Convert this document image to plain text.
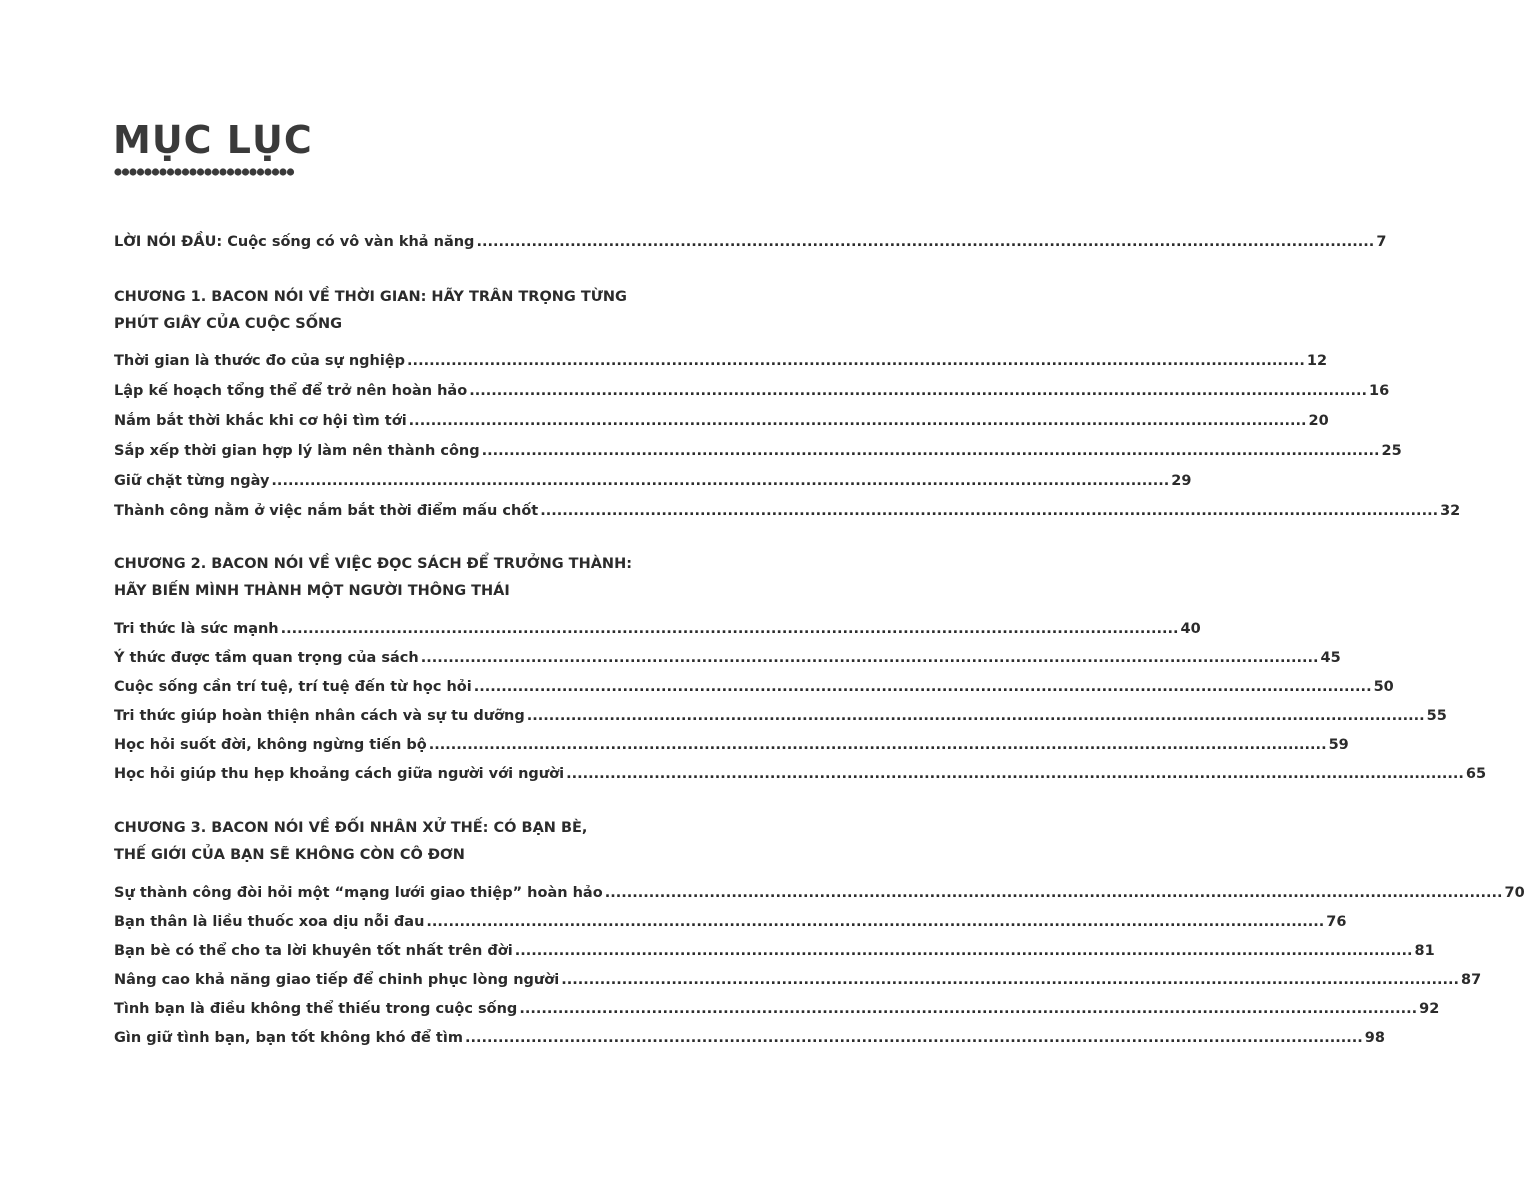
MỤC LỤC
LỜI NÓI ĐẦU: Cuộc sống có vô vàn khả năng ................................................................................................................................................................... 7
CHƯƠNG 1. BACON NÓI VỀ THỜI GIAN: HÃY TRÂN TRỌNG TỪNG
PHÚT GIÂY CỦA CUỘC SỐNG
Thời gian là thước đo của sự nghiệp ................................................................................................................................................................... 12
Lập kế hoạch tổng thể để trở nên hoàn hảo ................................................................................................................................................................... 16
Nắm bắt thời khắc khi cơ hội tìm tới ................................................................................................................................................................... 20
Sắp xếp thời gian hợp lý làm nên thành công ................................................................................................................................................................... 25
Giữ chặt từng ngày ................................................................................................................................................................... 29
Thành công nằm ở việc nắm bắt thời điểm mấu chốt ................................................................................................................................................................... 32
CHƯƠNG 2. BACON NÓI VỀ VIỆC ĐỌC SÁCH ĐỂ TRƯỞNG THÀNH:
HÃY BIẾN MÌNH THÀNH MỘT NGƯỜI THÔNG THÁI
Tri thức là sức mạnh ................................................................................................................................................................... 40
Ý thức được tầm quan trọng của sách ................................................................................................................................................................... 45
Cuộc sống cần trí tuệ, trí tuệ đến từ học hỏi ................................................................................................................................................................... 50
Tri thức giúp hoàn thiện nhân cách và sự tu dưỡng ................................................................................................................................................................... 55
Học hỏi suốt đời, không ngừng tiến bộ ................................................................................................................................................................... 59
Học hỏi giúp thu hẹp khoảng cách giữa người với người ................................................................................................................................................................... 65
CHƯƠNG 3. BACON NÓI VỀ ĐỐI NHÂN XỬ THẾ: CÓ BẠN BÈ,
THẾ GIỚI CỦA BẠN SẼ KHÔNG CÒN CÔ ĐƠN
Sự thành công đòi hỏi một “mạng lưới giao thiệp” hoàn hảo ................................................................................................................................................................... 70
Bạn thân là liều thuốc xoa dịu nỗi đau ................................................................................................................................................................... 76
Bạn bè có thể cho ta lời khuyên tốt nhất trên đời ................................................................................................................................................................... 81
Nâng cao khả năng giao tiếp để chinh phục lòng người ................................................................................................................................................................... 87
Tình bạn là điều không thể thiếu trong cuộc sống ................................................................................................................................................................... 92
Gìn giữ tình bạn, bạn tốt không khó để tìm ................................................................................................................................................................... 98
